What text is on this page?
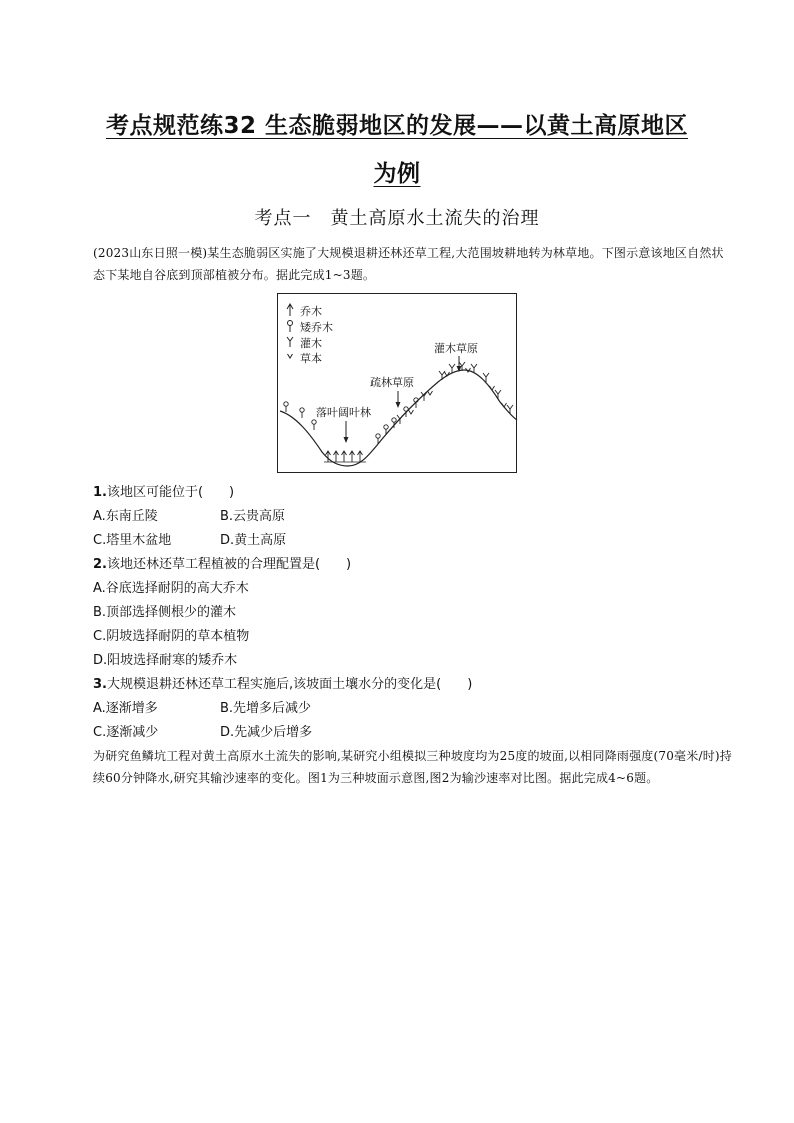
考点规范练32 生态脆弱地区的发展——以黄土高原地区
为例
考点一　黄土高原水土流失的治理
(2023山东日照一模)某生态脆弱区实施了大规模退耕还林还草工程,大范围坡耕地转为林草地。下图示意该地区自然状态下某地自谷底到顶部植被分布。据此完成1~3题。
乔木
矮乔木
灌木
草本
灌木草原
疏林草原
落叶阔叶林
1.该地区可能位于(　　)
A.东南丘陵	B.云贵高原
C.塔里木盆地	D.黄土高原
2.该地还林还草工程植被的合理配置是(　　)
A.谷底选择耐阴的高大乔木
B.顶部选择侧根少的灌木
C.阴坡选择耐阴的草本植物
D.阳坡选择耐寒的矮乔木
3.大规模退耕还林还草工程实施后,该坡面土壤水分的变化是(　　)
A.逐渐增多	B.先增多后减少
C.逐渐减少	D.先减少后增多
为研究鱼鳞坑工程对黄土高原水土流失的影响,某研究小组模拟三种坡度均为25度的坡面,以相同降雨强度(70毫米/时)持续60分钟降水,研究其输沙速率的变化。图1为三种坡面示意图,图2为输沙速率对比图。据此完成4~6题。
